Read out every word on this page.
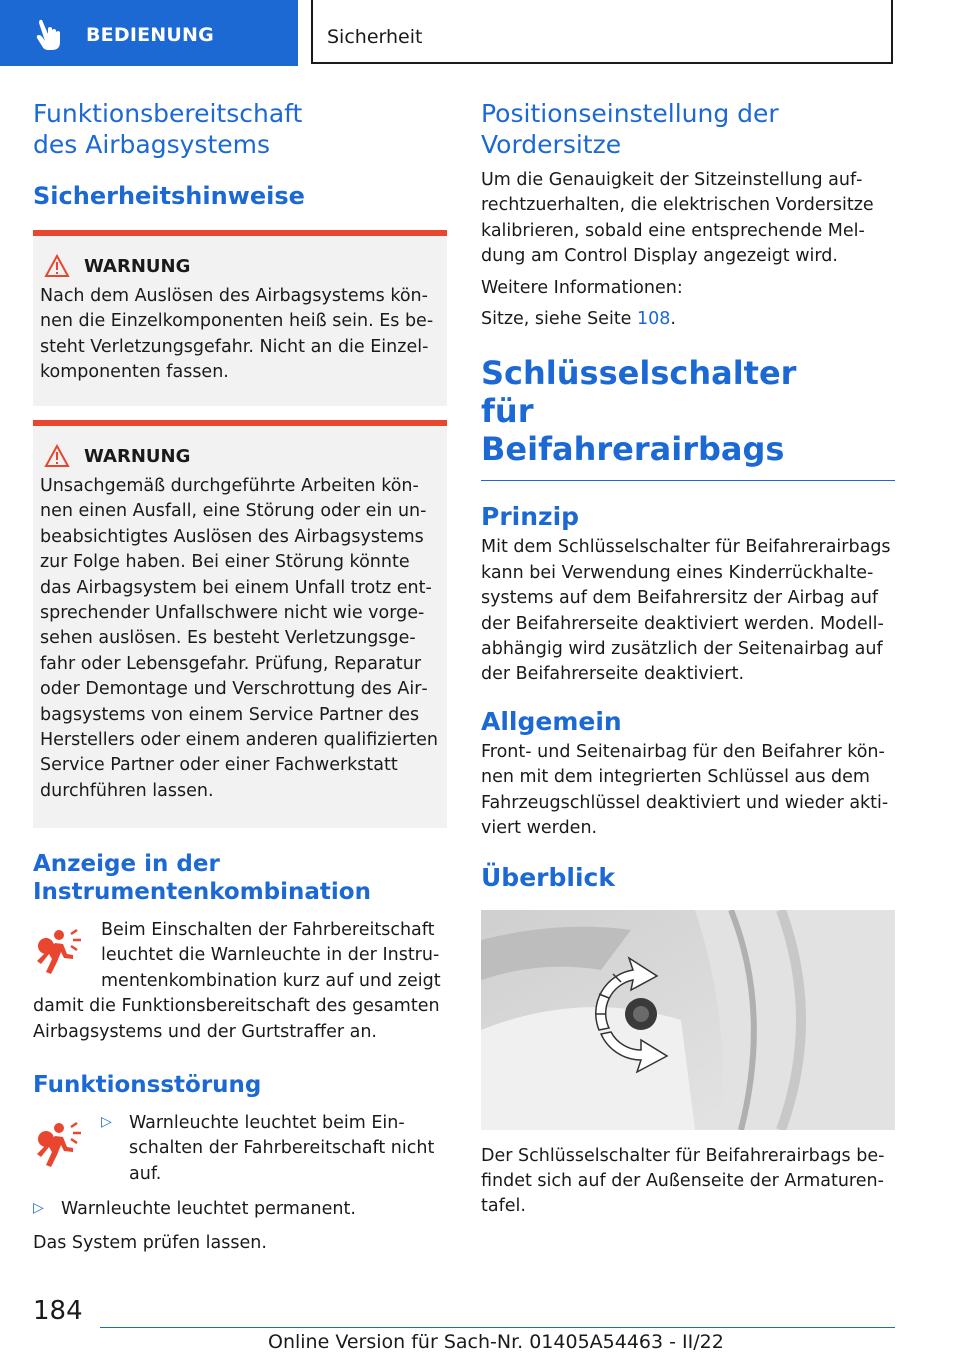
BEDIENUNG	Sicherheit
Funktionsbereitschaft des Airbagsystems
Sicherheitshinweise
WARNUNG

Nach dem Auslösen des Airbagsystems können die Einzelkomponenten heiß sein. Es besteht Verletzungsgefahr. Nicht an die Einzelkomponenten fassen.

WARNUNG

Unsachgemäß durchgeführte Arbeiten können einen Ausfall, eine Störung oder ein unbeabsichtigtes Auslösen des Airbagsystems zur Folge haben. Bei einer Störung könnte das Airbagsystem bei einem Unfall trotz entsprechender Unfallschwere nicht wie vorgesehen auslösen. Es besteht Verletzungsgefahr oder Lebensgefahr. Prüfung, Reparatur oder Demontage und Verschrottung des Airbagsystems von einem Service Partner des Herstellers oder einem anderen qualifizierten Service Partner oder einer Fachwerkstatt durchführen lassen.

Anzeige in der Instrumentenkombination

Beim Einschalten der Fahrbereitschaft leuchtet die Warnleuchte in der Instrumentenkombination kurz auf und zeigt damit die Funktionsbereitschaft des gesamten Airbagsystems und der Gurtstraffer an.

Funktionsstörung
▷ Warnleuchte leuchtet beim Einschalten der Fahrbereitschaft nicht auf.

▷ Warnleuchte leuchtet permanent.

Das System prüfen lassen.

Positionseinstellung der Vordersitze

Um die Genauigkeit der Sitzeinstellung aufrechtzuerhalten, die elektrischen Vordersitze kalibrieren, sobald eine entsprechende Meldung am Control Display angezeigt wird.

Weitere Informationen:

Sitze, siehe Seite 108.

Schlüsselschalter für Beifahrerairbags
Prinzip

Mit dem Schlüsselschalter für Beifahrerairbags kann bei Verwendung eines Kinderrückhaltesystems auf dem Beifahrersitz der Airbag auf der Beifahrerseite deaktiviert werden. Modellabhängig wird zusätzlich der Seitenairbag auf der Beifahrerseite deaktiviert.

Allgemein

Front- und Seitenairbag für den Beifahrer können mit dem integrierten Schlüssel aus dem Fahrzeugschlüssel deaktiviert und wieder aktiviert werden.

Überblick

Der Schlüsselschalter für Beifahrerairbags befindet sich auf der Außenseite der Armaturentafel.

184
Online Version für Sach-Nr. 01405A54463 - II/22
